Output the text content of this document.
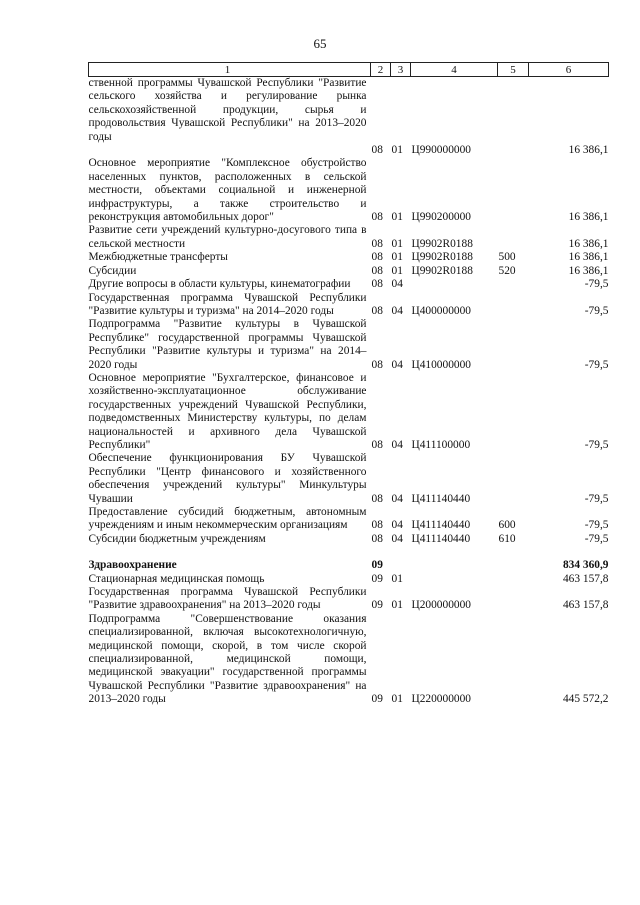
65
1	2	3	4	5	6
ственной программы Чувашской Республики "Развитие сельского хозяйства и регулирование рынка сельскохозяйственной продукции, сырья и продовольствия Чувашской Республики" на 2013–2020 годы					
	08	01	Ц990000000		16 386,1
Основное мероприятие "Комплексное обустройство населенных пунктов, расположенных в сельской местности, объектами социальной и инженерной инфраструктуры, а также строительство и реконструкция автомобильных дорог"	08	01	Ц990200000		16 386,1
Развитие сети учреждений культурно-досугового типа в сельской местности	08	01	Ц9902R0188		16 386,1
Межбюджетные трансферты	08	01	Ц9902R0188	500	16 386,1
Субсидии	08	01	Ц9902R0188	520	16 386,1
Другие вопросы в области культуры, кинематографии	08	04			-79,5
Государственная программа Чувашской Республики "Развитие культуры и туризма" на 2014–2020 годы	08	04	Ц400000000		-79,5
Подпрограмма "Развитие культуры в Чувашской Республике" государственной программы Чувашской Республики "Развитие культуры и туризма" на 2014–2020 годы	08	04	Ц410000000		-79,5
Основное мероприятие "Бухгалтерское, финансовое и хозяйственно-эксплуатационное обслуживание государственных учреждений Чувашской Республики, подведомственных Министерству культуры, по делам национальностей и архивного дела Чувашской Республики"	08	04	Ц411100000		-79,5
Обеспечение функционирования БУ Чувашской Республики "Центр финансового и хозяйственного обеспечения учреждений культуры" Минкультуры Чувашии	08	04	Ц411140440		-79,5
Предоставление субсидий бюджетным, автономным учреждениям и иным некоммерческим организациям	08	04	Ц411140440	600	-79,5
Субсидии бюджетным учреждениям	08	04	Ц411140440	610	-79,5

Здравоохранение	09				834 360,9
Стационарная медицинская помощь	09	01			463 157,8
Государственная программа Чувашской Республики "Развитие здравоохранения" на 2013–2020 годы	09	01	Ц200000000		463 157,8
Подпрограмма "Совершенствование оказания специализированной, включая высокотехнологичную, медицинской помощи, скорой, в том числе скорой специализированной, медицинской помощи, медицинской эвакуации" государственной программы Чувашской Республики "Развитие здравоохранения" на 2013–2020 годы	09	01	Ц220000000		445 572,2
